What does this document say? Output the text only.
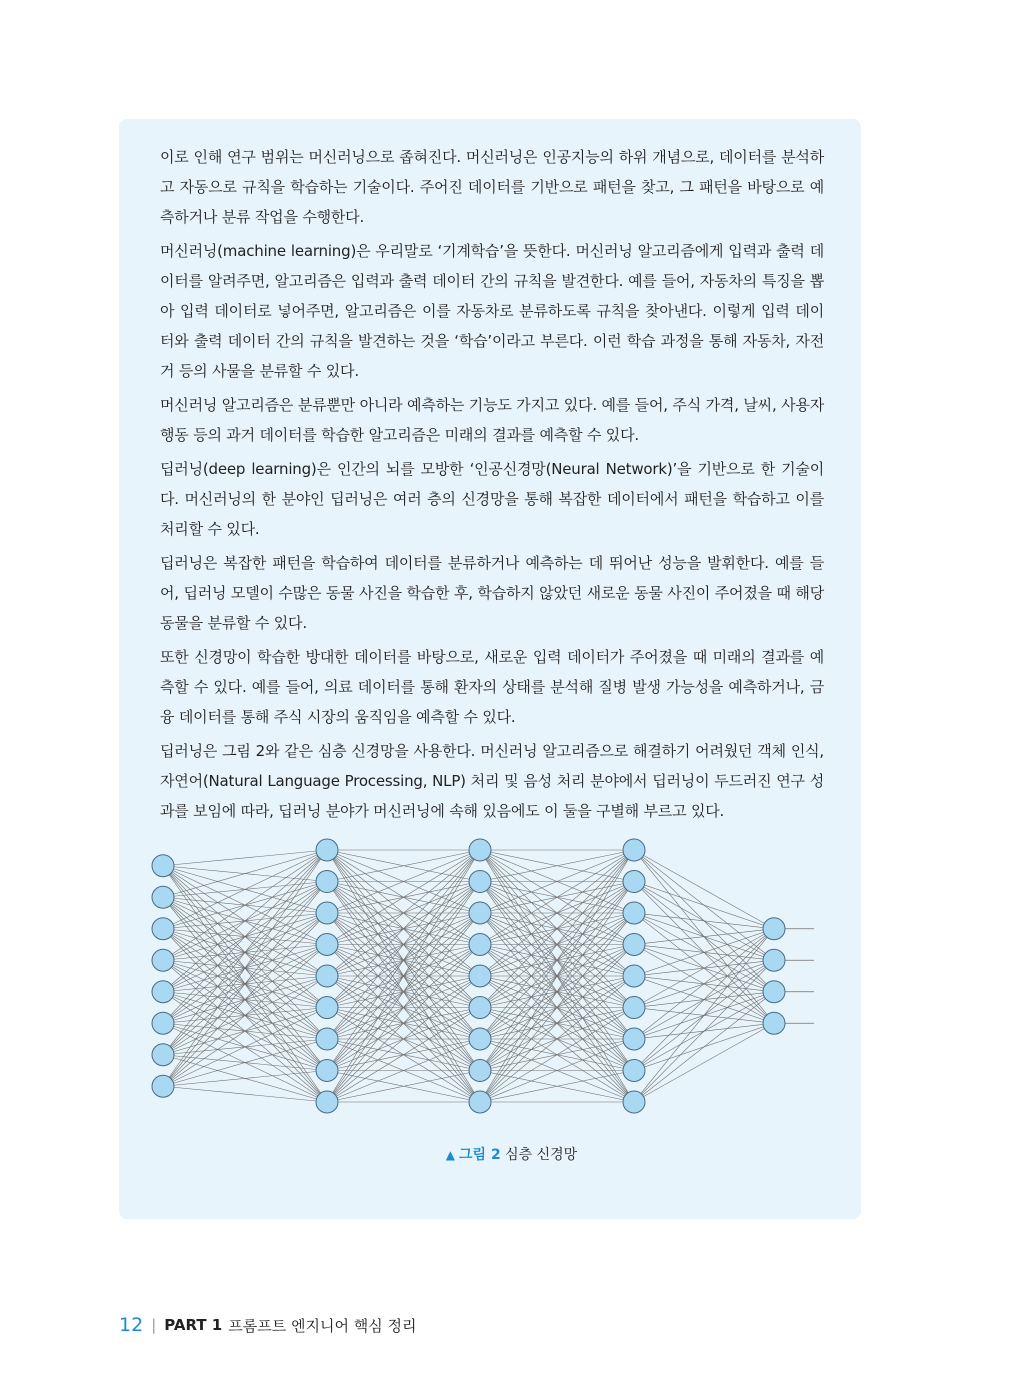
이로 인해 연구 범위는 머신러닝으로 좁혀진다. 머신러닝은 인공지능의 하위 개념으로, 데이터를 분석하고 자동으로 규칙을 학습하는 기술이다. 주어진 데이터를 기반으로 패턴을 찾고, 그 패턴을 바탕으로 예측하거나 분류 작업을 수행한다.

머신러닝(machine learning)은 우리말로 ‘기계학습’을 뜻한다. 머신러닝 알고리즘에게 입력과 출력 데이터를 알려주면, 알고리즘은 입력과 출력 데이터 간의 규칙을 발견한다. 예를 들어, 자동차의 특징을 뽑아 입력 데이터로 넣어주면, 알고리즘은 이를 자동차로 분류하도록 규칙을 찾아낸다. 이렇게 입력 데이터와 출력 데이터 간의 규칙을 발견하는 것을 ‘학습’이라고 부른다. 이런 학습 과정을 통해 자동차, 자전거 등의 사물을 분류할 수 있다.

머신러닝 알고리즘은 분류뿐만 아니라 예측하는 기능도 가지고 있다. 예를 들어, 주식 가격, 날씨, 사용자 행동 등의 과거 데이터를 학습한 알고리즘은 미래의 결과를 예측할 수 있다.

딥러닝(deep learning)은 인간의 뇌를 모방한 ‘인공신경망(Neural Network)’을 기반으로 한 기술이다. 머신러닝의 한 분야인 딥러닝은 여러 층의 신경망을 통해 복잡한 데이터에서 패턴을 학습하고 이를 처리할 수 있다.

딥러닝은 복잡한 패턴을 학습하여 데이터를 분류하거나 예측하는 데 뛰어난 성능을 발휘한다. 예를 들어, 딥러닝 모델이 수많은 동물 사진을 학습한 후, 학습하지 않았던 새로운 동물 사진이 주어졌을 때 해당 동물을 분류할 수 있다.

또한 신경망이 학습한 방대한 데이터를 바탕으로, 새로운 입력 데이터가 주어졌을 때 미래의 결과를 예측할 수 있다. 예를 들어, 의료 데이터를 통해 환자의 상태를 분석해 질병 발생 가능성을 예측하거나, 금융 데이터를 통해 주식 시장의 움직임을 예측할 수 있다.

딥러닝은 그림 2와 같은 심층 신경망을 사용한다. 머신러닝 알고리즘으로 해결하기 어려웠던 객체 인식, 자연어(Natural Language Processing, NLP) 처리 및 음성 처리 분야에서 딥러닝이 두드러진 연구 성과를 보임에 따라, 딥러닝 분야가 머신러닝에 속해 있음에도 이 둘을 구별해 부르고 있다.

▲ 그림 2 심층 신경망
12 | PART 1 프롬프트 엔지니어 핵심 정리
